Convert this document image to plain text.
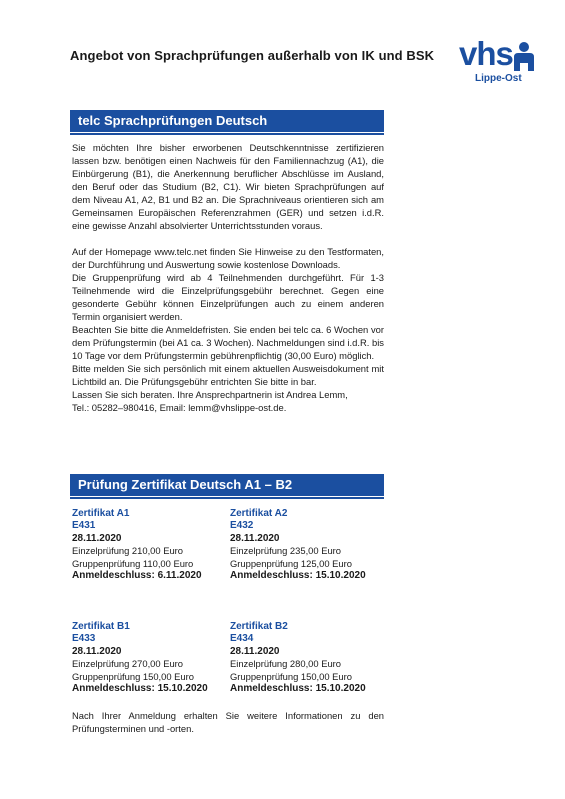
Angebot von Sprachprüfungen außerhalb von IK und BSK vhs
Lippe-Ost
telc Sprachprüfungen Deutsch

Sie möchten Ihre bisher erworbenen Deutschkenntnisse zertifizieren lassen bzw. benötigen einen Nachweis für den Familiennachzug (A1), die Einbürgerung (B1), die Anerkennung beruflicher Abschlüsse im Ausland, den Beruf oder das Studium (B2, C1). Wir bieten Sprachprüfungen auf dem Niveau A1, A2, B1 und B2 an. Die Sprachniveaus orientieren sich am Gemeinsamen Europäischen Referenzrahmen (GER) und setzen i.d.R. eine gewisse Anzahl absolvierter Unterrichtsstunden voraus.

Auf der Homepage www.telc.net finden Sie Hinweise zu den Testformaten, der Durchführung und Auswertung sowie kostenlose Downloads.

Die Gruppenprüfung wird ab 4 Teilnehmenden durchgeführt. Für 1-3 Teilnehmende wird die Einzelprüfungsgebühr berechnet. Gegen eine gesonderte Gebühr können Einzelprüfungen auch zu einem anderen Termin organisiert werden.

Beachten Sie bitte die Anmeldefristen. Sie enden bei telc ca. 6 Wochen vor dem Prüfungstermin (bei A1 ca. 3 Wochen). Nachmeldungen sind i.d.R. bis 10 Tage vor dem Prüfungstermin gebührenpflichtig (30,00 Euro) möglich.

Bitte melden Sie sich persönlich mit einem aktuellen Ausweisdokument mit Lichtbild an. Die Prüfungsgebühr entrichten Sie bitte in bar.

Lassen Sie sich beraten. Ihre Ansprechpartnerin ist Andrea Lemm,

Tel.: 05282–980416, Email: lemm@vhslippe-ost.de.

Prüfung Zertifikat Deutsch A1 – B2
Zertifikat A1
E431
28.11.2020
Einzelprüfung 210,00 Euro
Gruppenprüfung 110,00 Euro
Anmeldeschluss: 6.11.2020
Zertifikat A2
E432
28.11.2020
Einzelprüfung 235,00 Euro
Gruppenprüfung 125,00 Euro
Anmeldeschluss: 15.10.2020
Zertifikat B1
E433
28.11.2020
Einzelprüfung 270,00 Euro
Gruppenprüfung 150,00 Euro
Anmeldeschluss: 15.10.2020
Zertifikat B2
E434
28.11.2020
Einzelprüfung 280,00 Euro
Gruppenprüfung 150,00 Euro
Anmeldeschluss: 15.10.2020
Nach Ihrer Anmeldung erhalten Sie weitere Informationen zu den Prüfungsterminen und -orten.
